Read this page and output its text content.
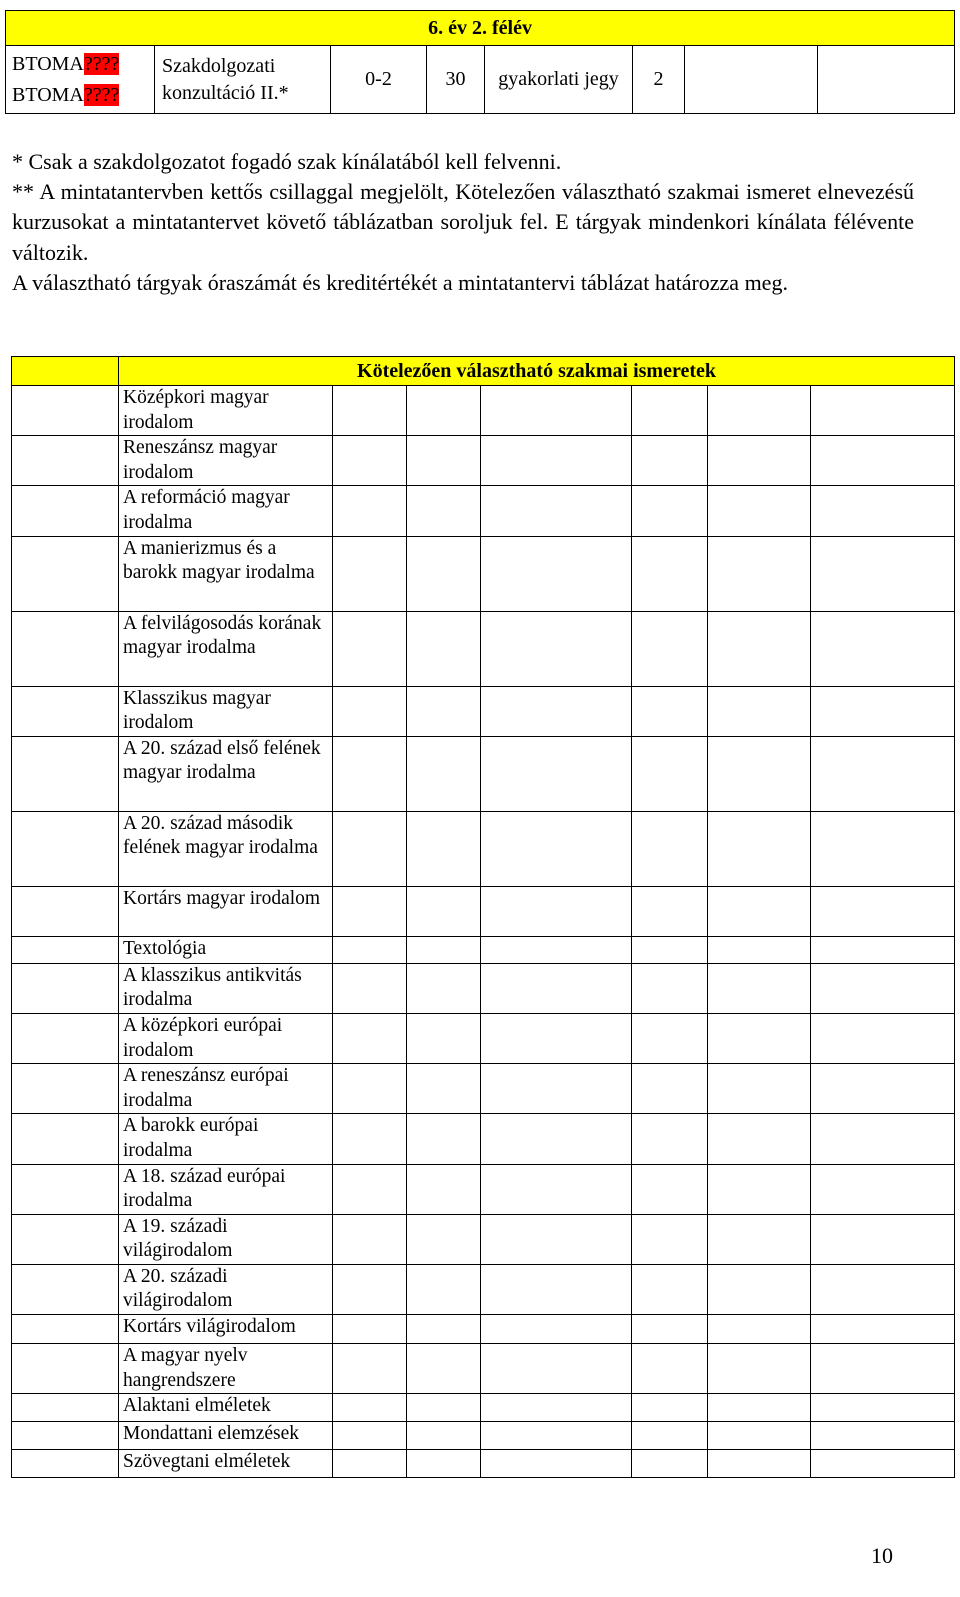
6. év 2. félév

BTOMA????
BTOMA????
	Szakdolgozati konzultáció II.*	0-2	30	gyakorlati jegy	2		

* Csak a szakdolgozatot fogadó szak kínálatából kell felvenni.

** A mintatantervben kettős csillaggal megjelölt, Kötelezően választható szakmai ismeret elnevezésű kurzusokat a mintatantervet követő táblázatban soroljuk fel. E tárgyak mindenkori kínálata félévente változik.

A választható tárgyak óraszámát és kreditértékét a mintatantervi táblázat határozza meg.

	Kötelezően választható szakmai ismeretek						
	Középkori magyar irodalom						
	Reneszánsz magyar irodalom						
	A reformáció magyar irodalma						
	A manierizmus és a barokk magyar irodalma						
	A felvilágosodás korának magyar irodalma						
	Klasszikus magyar irodalom						
	A 20. század első felének magyar irodalma						
	A 20. század második felének magyar irodalma						
	Kortárs magyar irodalom						
	Textológia						
	A klasszikus antikvitás irodalma						
	A középkori európai irodalom						
	A reneszánsz európai irodalma						
	A barokk európai irodalma						
	A 18. század európai irodalma						
	A 19. századi világirodalom						
	A 20. századi világirodalom						
	Kortárs világirodalom						
	A magyar nyelv hangrendszere						
	Alaktani elméletek						
	Mondattani elemzések						
	Szövegtani elméletek						
10
